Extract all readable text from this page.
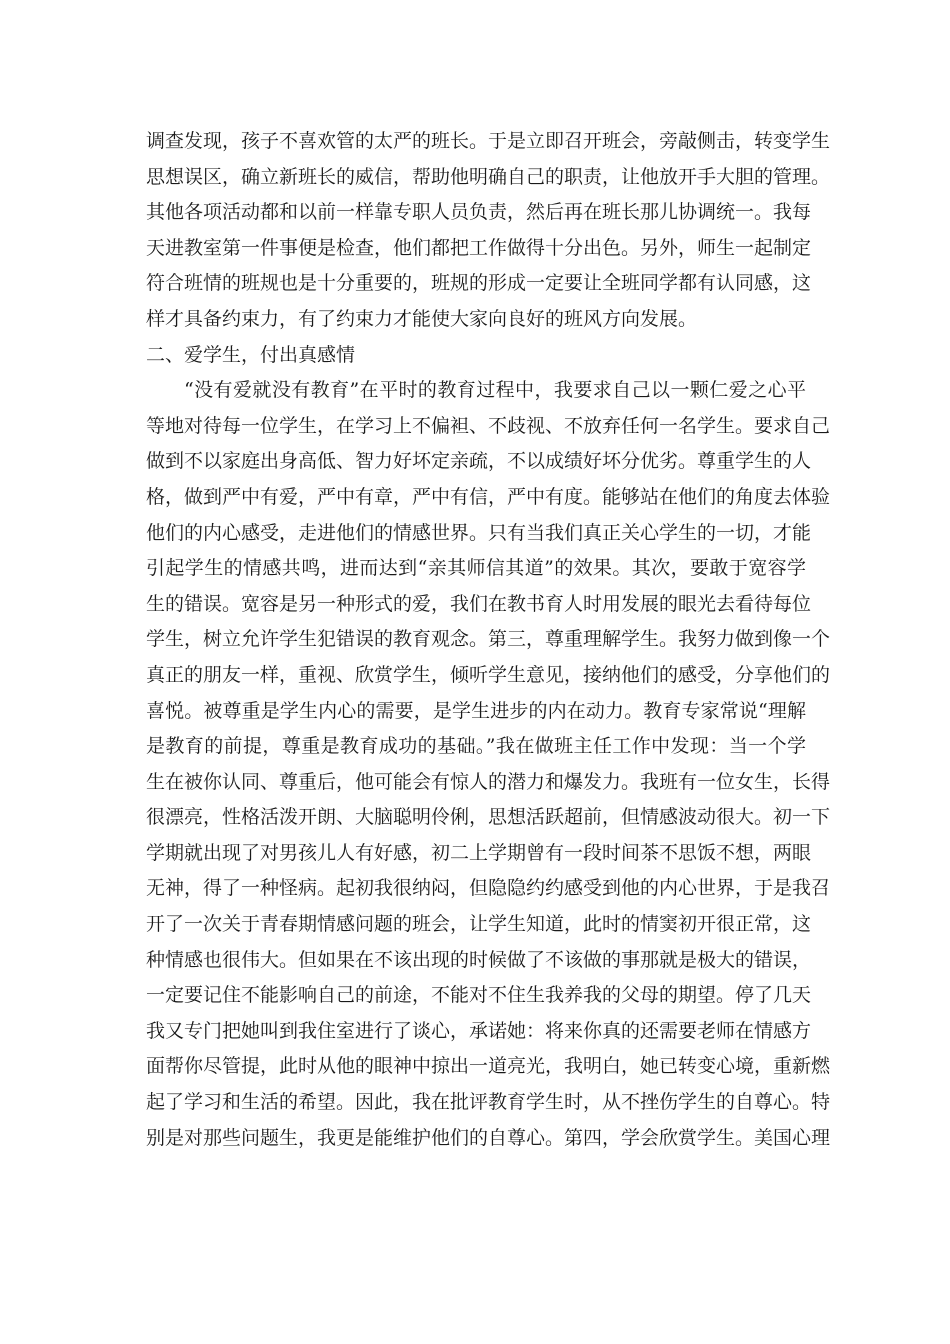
调查发现，孩子不喜欢管的太严的班长。于是立即召开班会，旁敲侧击，转变学生
思想误区，确立新班长的威信，帮助他明确自己的职责，让他放开手大胆的管理。
其他各项活动都和以前一样靠专职人员负责，然后再在班长那儿协调统一。我每
天进教室第一件事便是检查，他们都把工作做得十分出色。另外，师生一起制定
符合班情的班规也是十分重要的，班规的形成一定要让全班同学都有认同感，这
样才具备约束力，有了约束力才能使大家向良好的班风方向发展。
二、爱学生，付出真感情
“没有爱就没有教育”在平时的教育过程中，我要求自己以一颗仁爱之心平
等地对待每一位学生，在学习上不偏袒、不歧视、不放弃任何一名学生。要求自己
做到不以家庭出身高低、智力好坏定亲疏，不以成绩好坏分优劣。尊重学生的人
格，做到严中有爱，严中有章，严中有信，严中有度。能够站在他们的角度去体验
他们的内心感受，走进他们的情感世界。只有当我们真正关心学生的一切，才能
引起学生的情感共鸣，进而达到“亲其师信其道”的效果。其次，要敢于宽容学
生的错误。宽容是另一种形式的爱，我们在教书育人时用发展的眼光去看待每位
学生，树立允许学生犯错误的教育观念。第三，尊重理解学生。我努力做到像一个
真正的朋友一样，重视、欣赏学生，倾听学生意见，接纳他们的感受，分享他们的
喜悦。被尊重是学生内心的需要，是学生进步的内在动力。教育专家常说“理解
是教育的前提，尊重是教育成功的基础。”我在做班主任工作中发现：当一个学
生在被你认同、尊重后，他可能会有惊人的潜力和爆发力。我班有一位女生，长得
很漂亮，性格活泼开朗、大脑聪明伶俐，思想活跃超前，但情感波动很大。初一下
学期就出现了对男孩儿人有好感，初二上学期曾有一段时间茶不思饭不想，两眼
无神，得了一种怪病。起初我很纳闷，但隐隐约约感受到他的内心世界，于是我召
开了一次关于青春期情感问题的班会，让学生知道，此时的情窦初开很正常，这
种情感也很伟大。但如果在不该出现的时候做了不该做的事那就是极大的错误，
一定要记住不能影响自己的前途，不能对不住生我养我的父母的期望。停了几天
我又专门把她叫到我住室进行了谈心，承诺她：将来你真的还需要老师在情感方
面帮你尽管提，此时从他的眼神中掠出一道亮光，我明白，她已转变心境，重新燃
起了学习和生活的希望。因此，我在批评教育学生时，从不挫伤学生的自尊心。特
别是对那些问题生，我更是能维护他们的自尊心。第四，学会欣赏学生。美国心理
